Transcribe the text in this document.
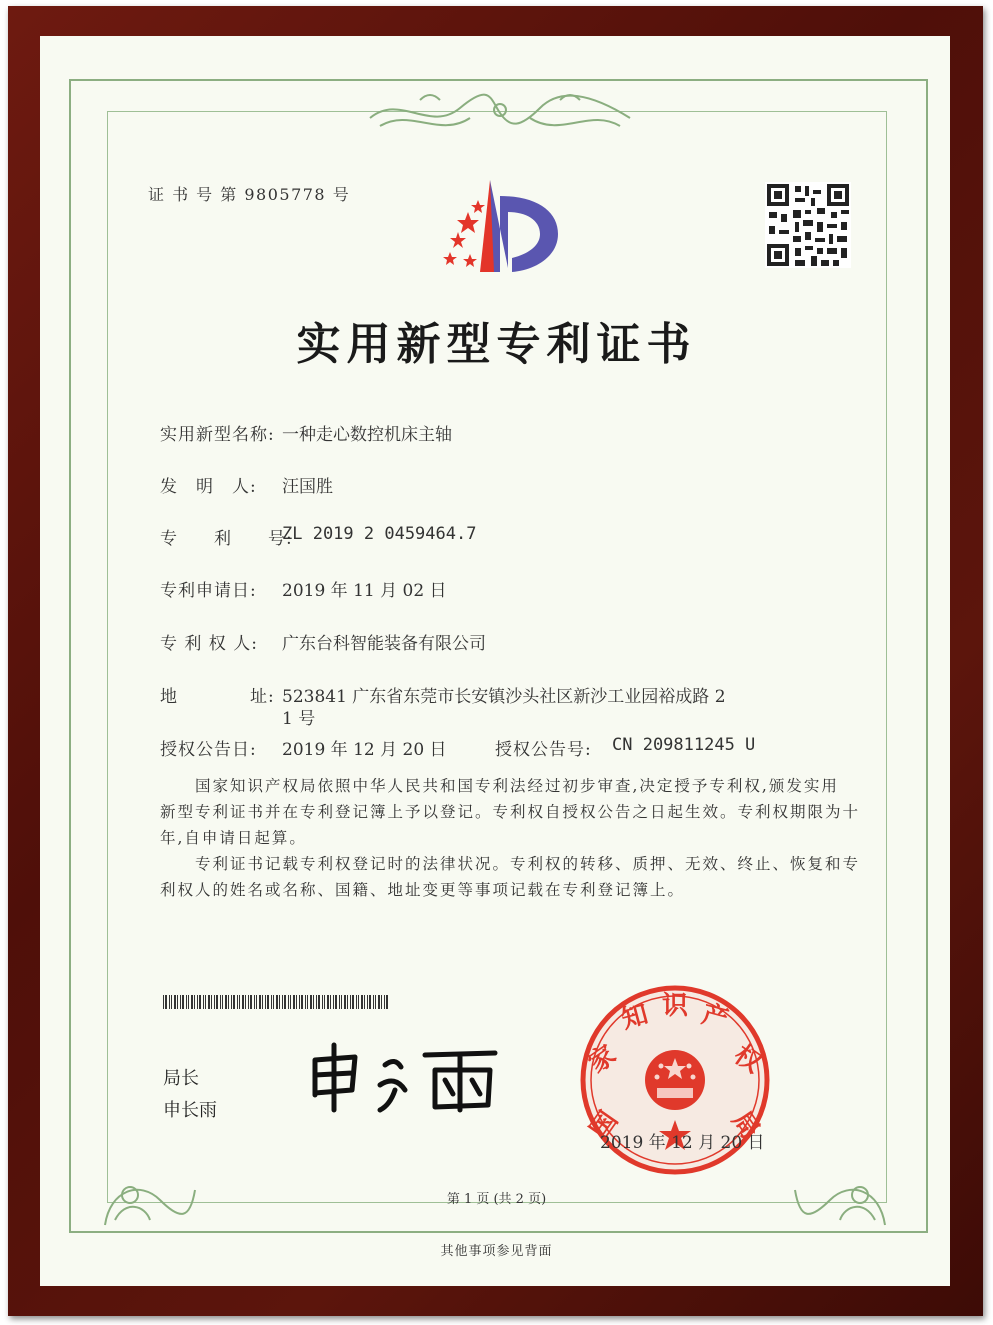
证 书 号 第 9805778 号
实用新型专利证书
实用新型名称: 一种走心数控机床主轴
发　明　人: 汪国胜
专　　利　　号:
ZL 2019 2 0459464.7
专利申请日: 2019 年 11 月 02 日
专 利 权 人: 广东台科智能装备有限公司
地　　　　址: 523841 广东省东莞市长安镇沙头社区新沙工业园裕成路 2
1 号
授权公告日: 2019 年 12 月 20 日	授权公告号: CN 209811245 U
　　国家知识产权局依照中华人民共和国专利法经过初步审查,决定授予专利权,颁发实用
新型专利证书并在专利登记簿上予以登记。专利权自授权公告之日起生效。专利权期限为十
年,自申请日起算。
　　专利证书记载专利权登记时的法律状况。专利权的转移、质押、无效、终止、恢复和专
利权人的姓名或名称、国籍、地址变更等事项记载在专利登记簿上。
局长
申长雨	国
家
知 识 产
权
局
2019 年 12 月 20 日
第 1 页 (共 2 页)
其他事项参见背面
